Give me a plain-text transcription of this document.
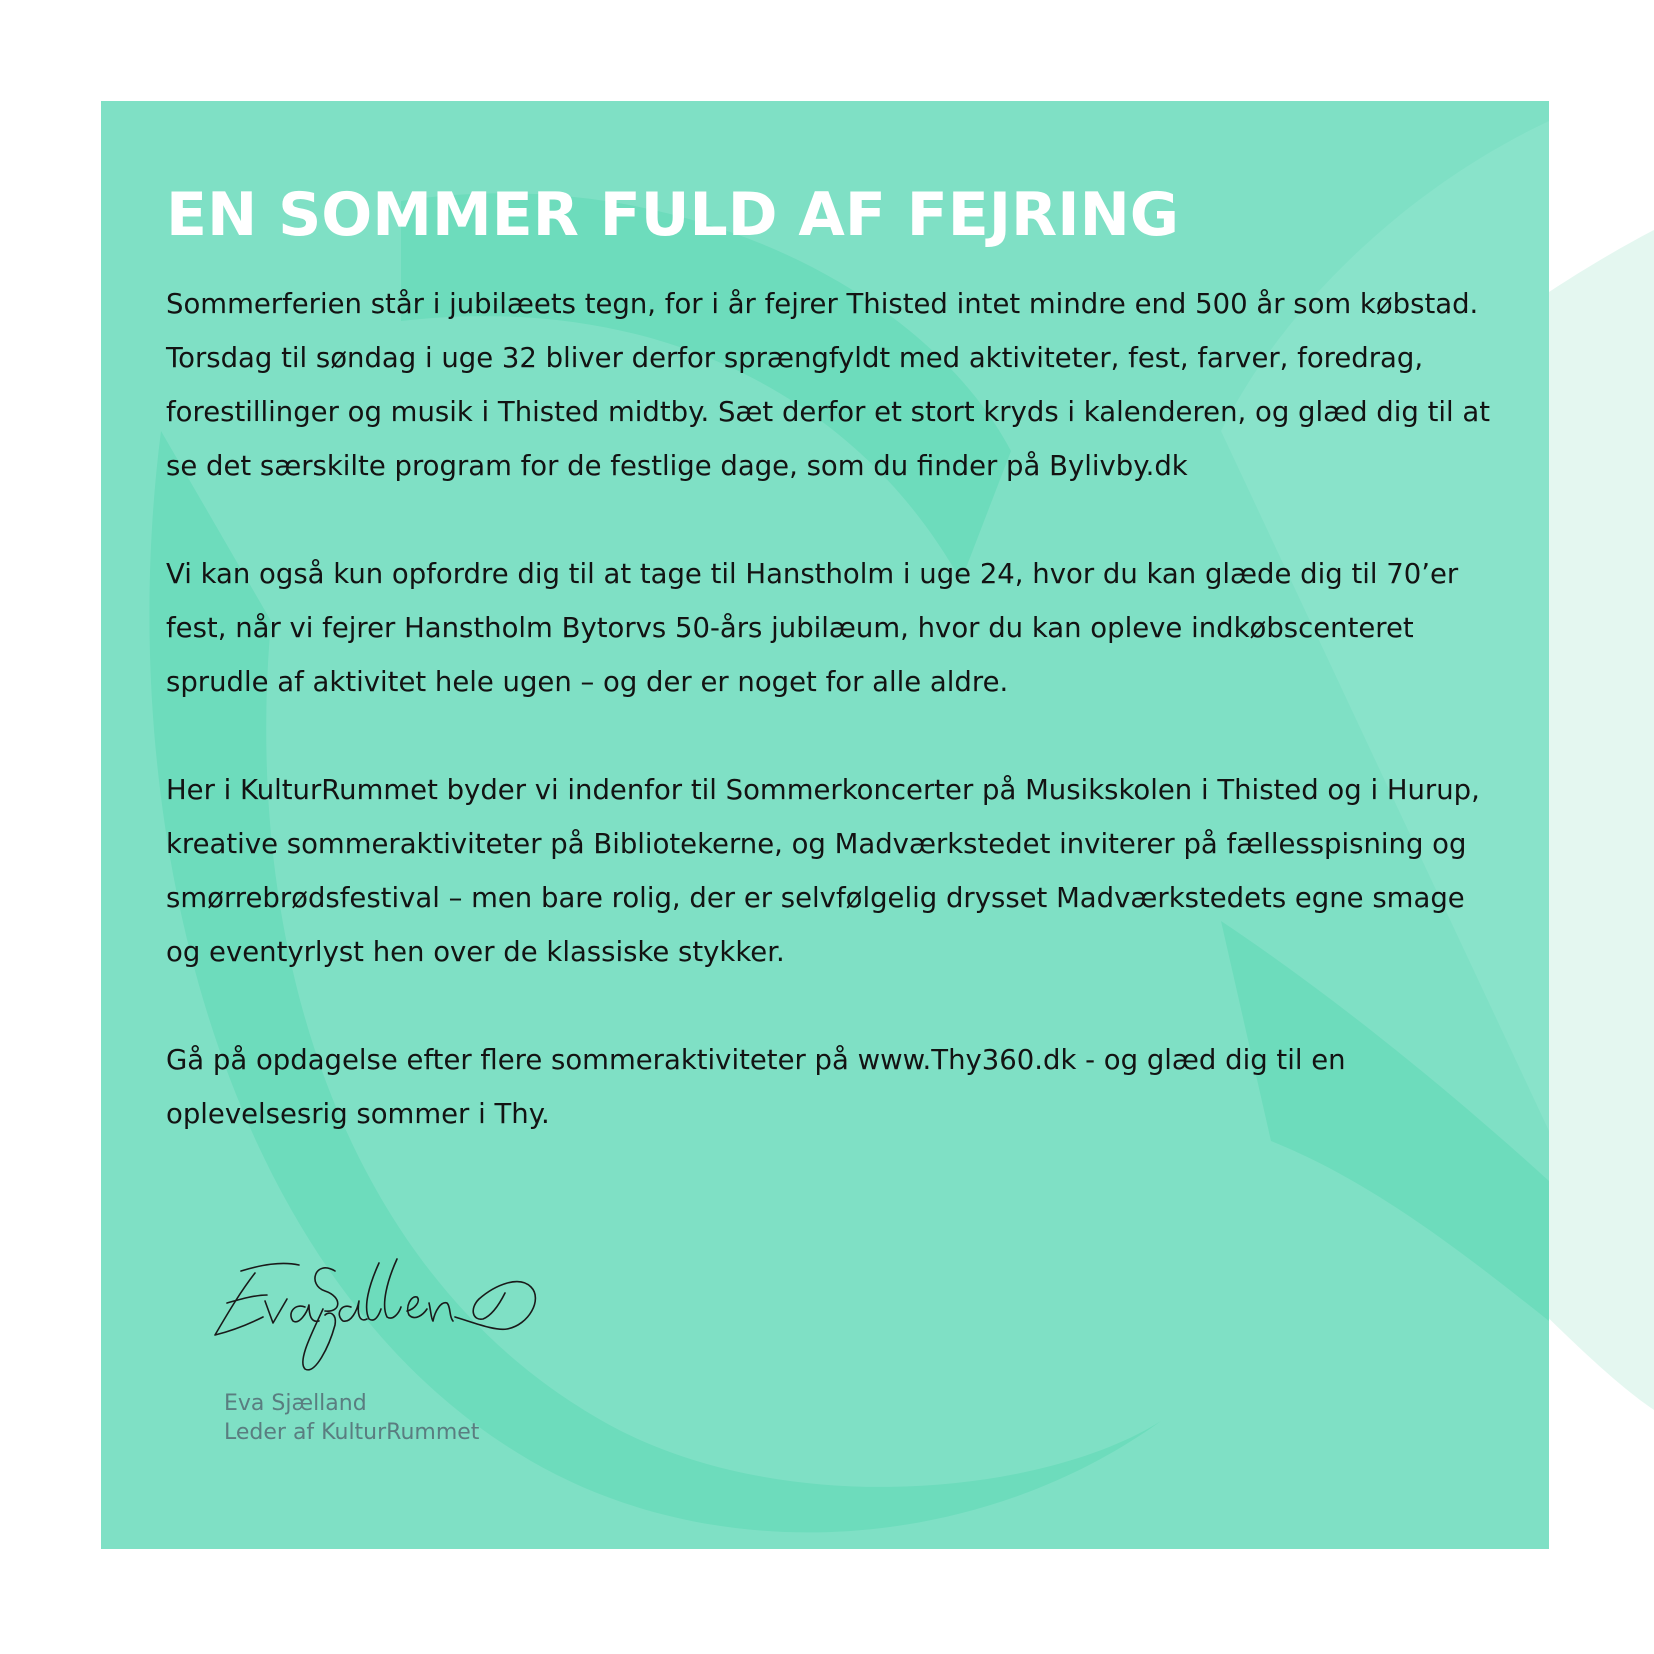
EN SOMMER FULD AF FEJRING

Sommerferien står i jubilæets tegn, for i år fejrer Thisted intet mindre end 500 år som købstad. Torsdag til søndag i uge 32 bliver derfor sprængfyldt med aktiviteter, fest, farver, foredrag, forestillinger og musik i Thisted midtby. Sæt derfor et stort kryds i kalenderen, og glæd dig til at se det særskilte program for de festlige dage, som du finder på Bylivby.dk

Vi kan også kun opfordre dig til at tage til Hanstholm i uge 24, hvor du kan glæde dig til 70’er fest, når vi fejrer Hanstholm Bytorvs 50-års jubilæum, hvor du kan opleve indkøbscenteret sprudle af aktivitet hele ugen – og der er noget for alle aldre.

Her i KulturRummet byder vi indenfor til Sommerkoncerter på Musikskolen i Thisted og i Hurup, kreative sommeraktiviteter på Bibliotekerne, og Madværkstedet inviterer på fællesspisning og smørrebrødsfestival – men bare rolig, der er selvfølgelig drysset Madværkstedets egne smage og eventyrlyst hen over de klassiske stykker.

Gå på opdagelse efter flere sommeraktiviteter på www.Thy360.dk - og glæd dig til en oplevelsesrig sommer i Thy.

Eva Sjælland
Leder af KulturRummet
